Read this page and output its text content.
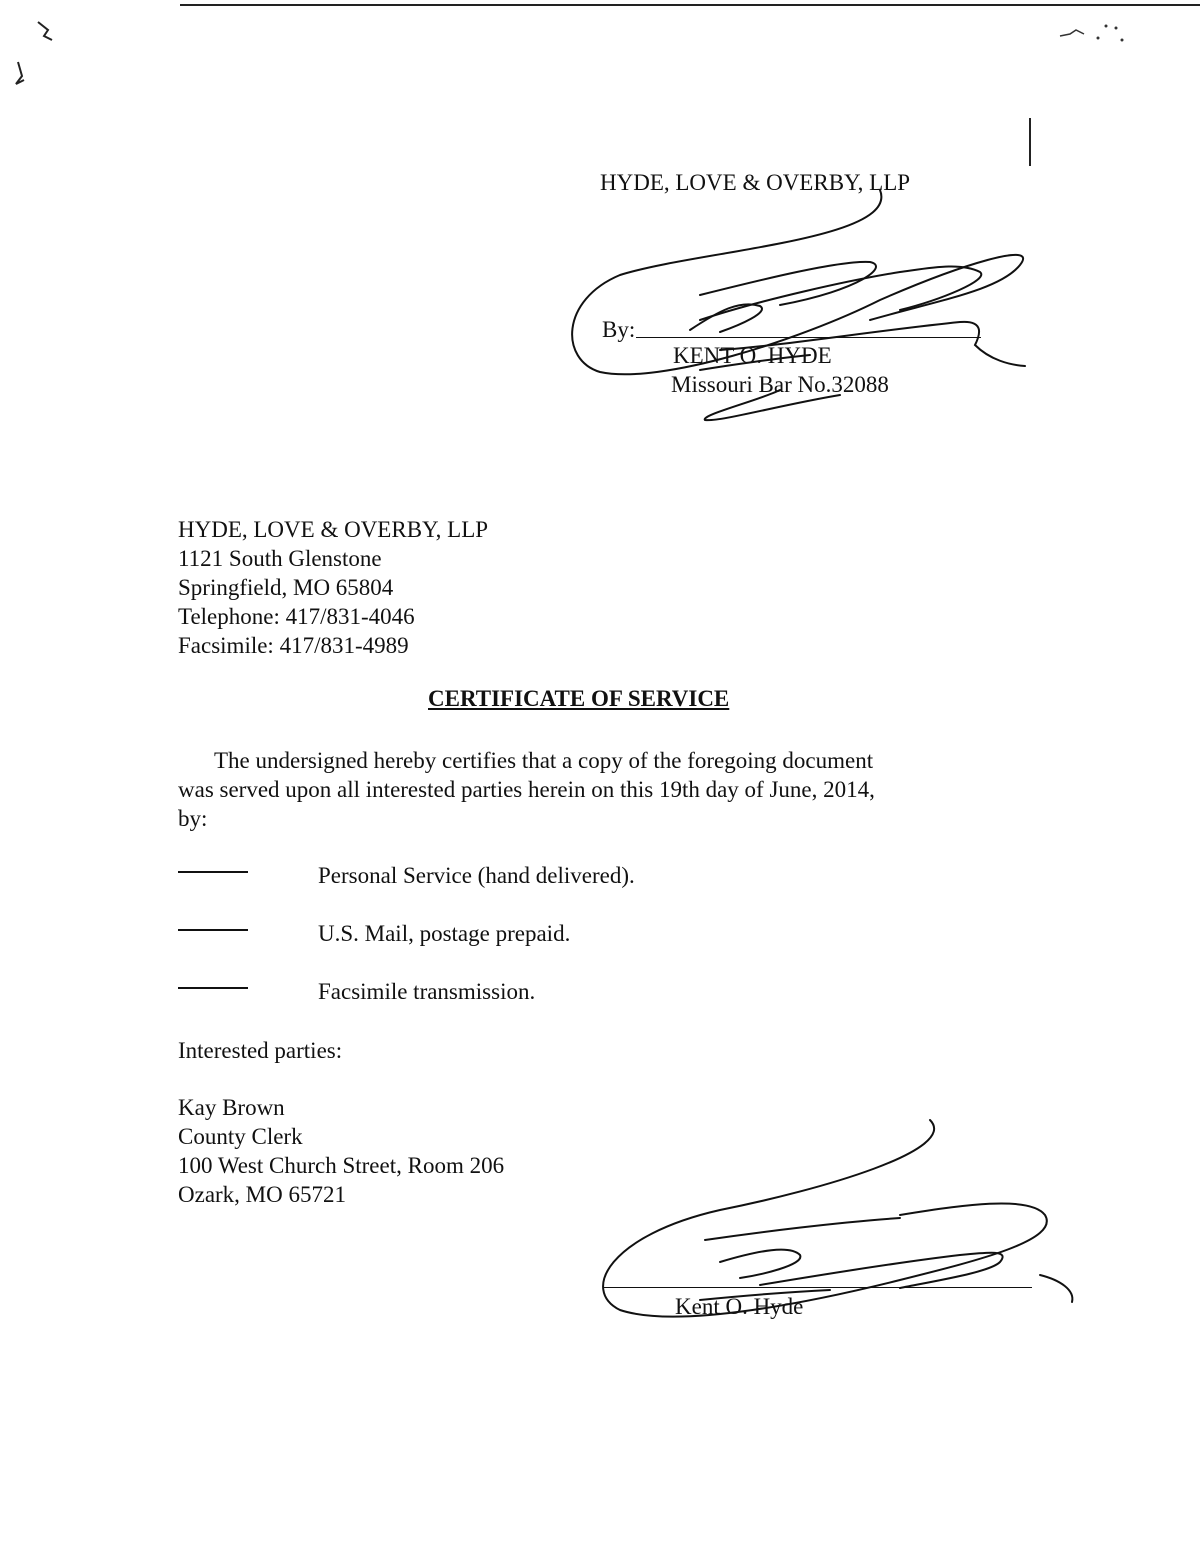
HYDE, LOVE & OVERBY, LLP
By:
KENT O. HYDE
Missouri Bar No.32088
HYDE, LOVE & OVERBY, LLP
1121 South Glenstone
Springfield, MO 65804
Telephone: 417/831-4046
Facsimile: 417/831-4989
CERTIFICATE OF SERVICE
The undersigned hereby certifies that a copy of the foregoing document
was served upon all interested parties herein on this 19th day of June, 2014,
by:
Personal Service (hand delivered).
U.S. Mail, postage prepaid.
Facsimile transmission.
Interested parties:
Kay Brown
County Clerk
100 West Church Street, Room 206
Ozark, MO 65721
Kent O. Hyde
